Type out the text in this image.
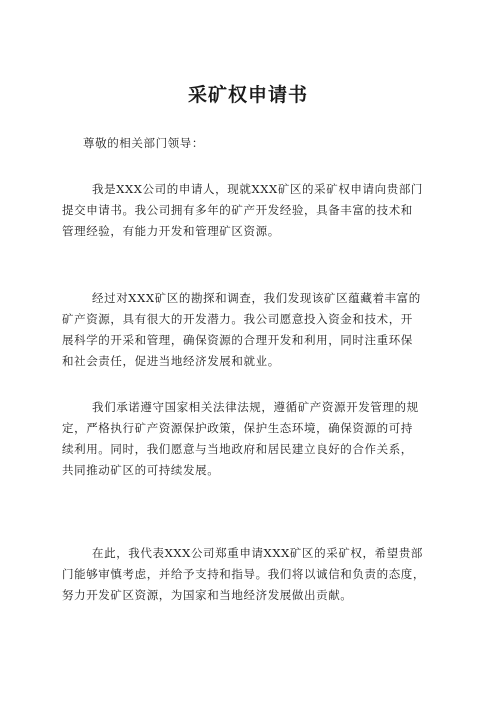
采矿权申请书

尊敬的相关部门领导：

我是XXX公司的申请人，现就XXX矿区的采矿权申请向贵部门
提交申请书。我公司拥有多年的矿产开发经验，具备丰富的技术和
管理经验，有能力开发和管理矿区资源。
经过对XXX矿区的勘探和调查，我们发现该矿区蕴藏着丰富的
矿产资源，具有很大的开发潜力。我公司愿意投入资金和技术，开
展科学的开采和管理，确保资源的合理开发和利用，同时注重环保
和社会责任，促进当地经济发展和就业。
我们承诺遵守国家相关法律法规，遵循矿产资源开发管理的规
定，严格执行矿产资源保护政策，保护生态环境，确保资源的可持
续利用。同时，我们愿意与当地政府和居民建立良好的合作关系，
共同推动矿区的可持续发展。
在此，我代表XXX公司郑重申请XXX矿区的采矿权，希望贵部
门能够审慎考虑，并给予支持和指导。我们将以诚信和负责的态度，
努力开发矿区资源，为国家和当地经济发展做出贡献。
